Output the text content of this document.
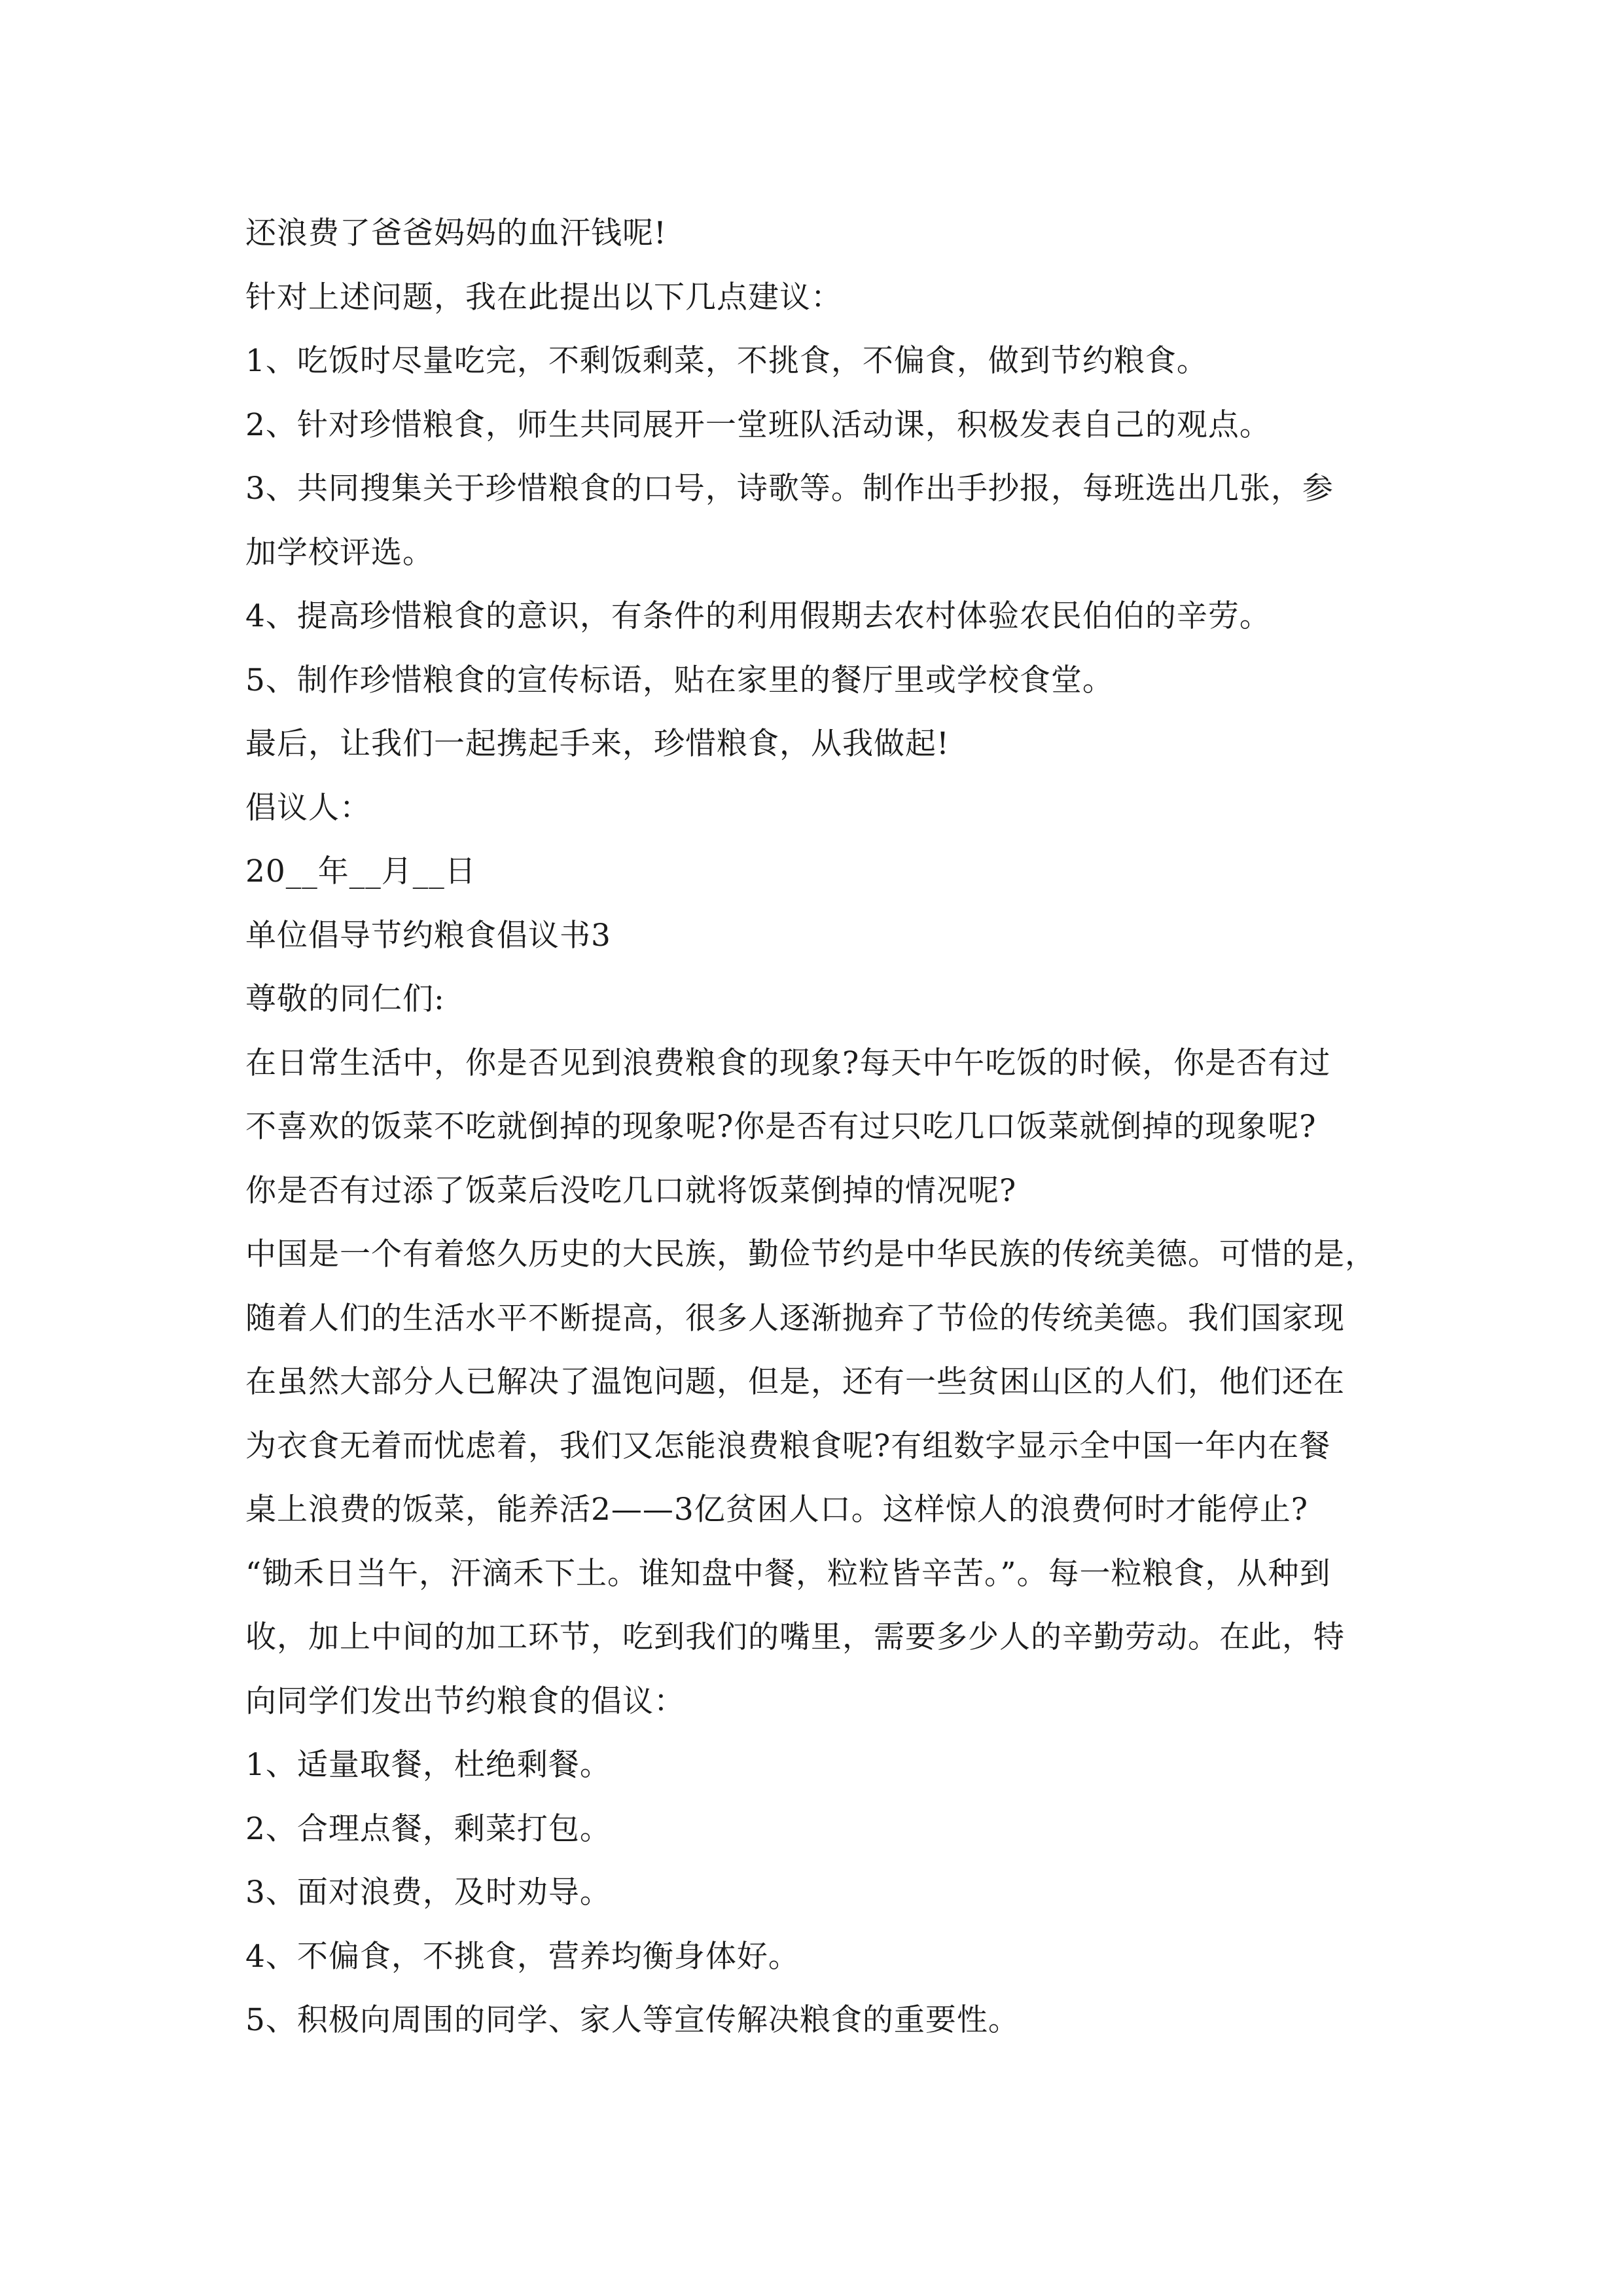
还浪费了爸爸妈妈的血汗钱呢!
针对上述问题，我在此提出以下几点建议：
1、吃饭时尽量吃完，不剩饭剩菜，不挑食，不偏食，做到节约粮食。
2、针对珍惜粮食，师生共同展开一堂班队活动课，积极发表自己的观点。
3、共同搜集关于珍惜粮食的口号，诗歌等。制作出手抄报，每班选出几张，参
加学校评选。
4、提高珍惜粮食的意识，有条件的利用假期去农村体验农民伯伯的辛劳。
5、制作珍惜粮食的宣传标语，贴在家里的餐厅里或学校食堂。
最后，让我们一起携起手来，珍惜粮食，从我做起!
倡议人：
20__年__月__日
单位倡导节约粮食倡议书3
尊敬的同仁们:
在日常生活中，你是否见到浪费粮食的现象?每天中午吃饭的时候，你是否有过
不喜欢的饭菜不吃就倒掉的现象呢?你是否有过只吃几口饭菜就倒掉的现象呢?
你是否有过添了饭菜后没吃几口就将饭菜倒掉的情况呢?
中国是一个有着悠久历史的大民族，勤俭节约是中华民族的传统美德。可惜的是，
随着人们的生活水平不断提高，很多人逐渐抛弃了节俭的传统美德。我们国家现
在虽然大部分人已解决了温饱问题，但是，还有一些贫困山区的人们，他们还在
为衣食无着而忧虑着，我们又怎能浪费粮食呢?有组数字显示全中国一年内在餐
桌上浪费的饭菜，能养活2——3亿贫困人口。这样惊人的浪费何时才能停止?
“锄禾日当午，汗滴禾下土。谁知盘中餐，粒粒皆辛苦。”。每一粒粮食，从种到
收，加上中间的加工环节，吃到我们的嘴里，需要多少人的辛勤劳动。在此，特
向同学们发出节约粮食的倡议：
1、适量取餐，杜绝剩餐。
2、合理点餐，剩菜打包。
3、面对浪费，及时劝导。
4、不偏食，不挑食，营养均衡身体好。
5、积极向周围的同学、家人等宣传解决粮食的重要性。
